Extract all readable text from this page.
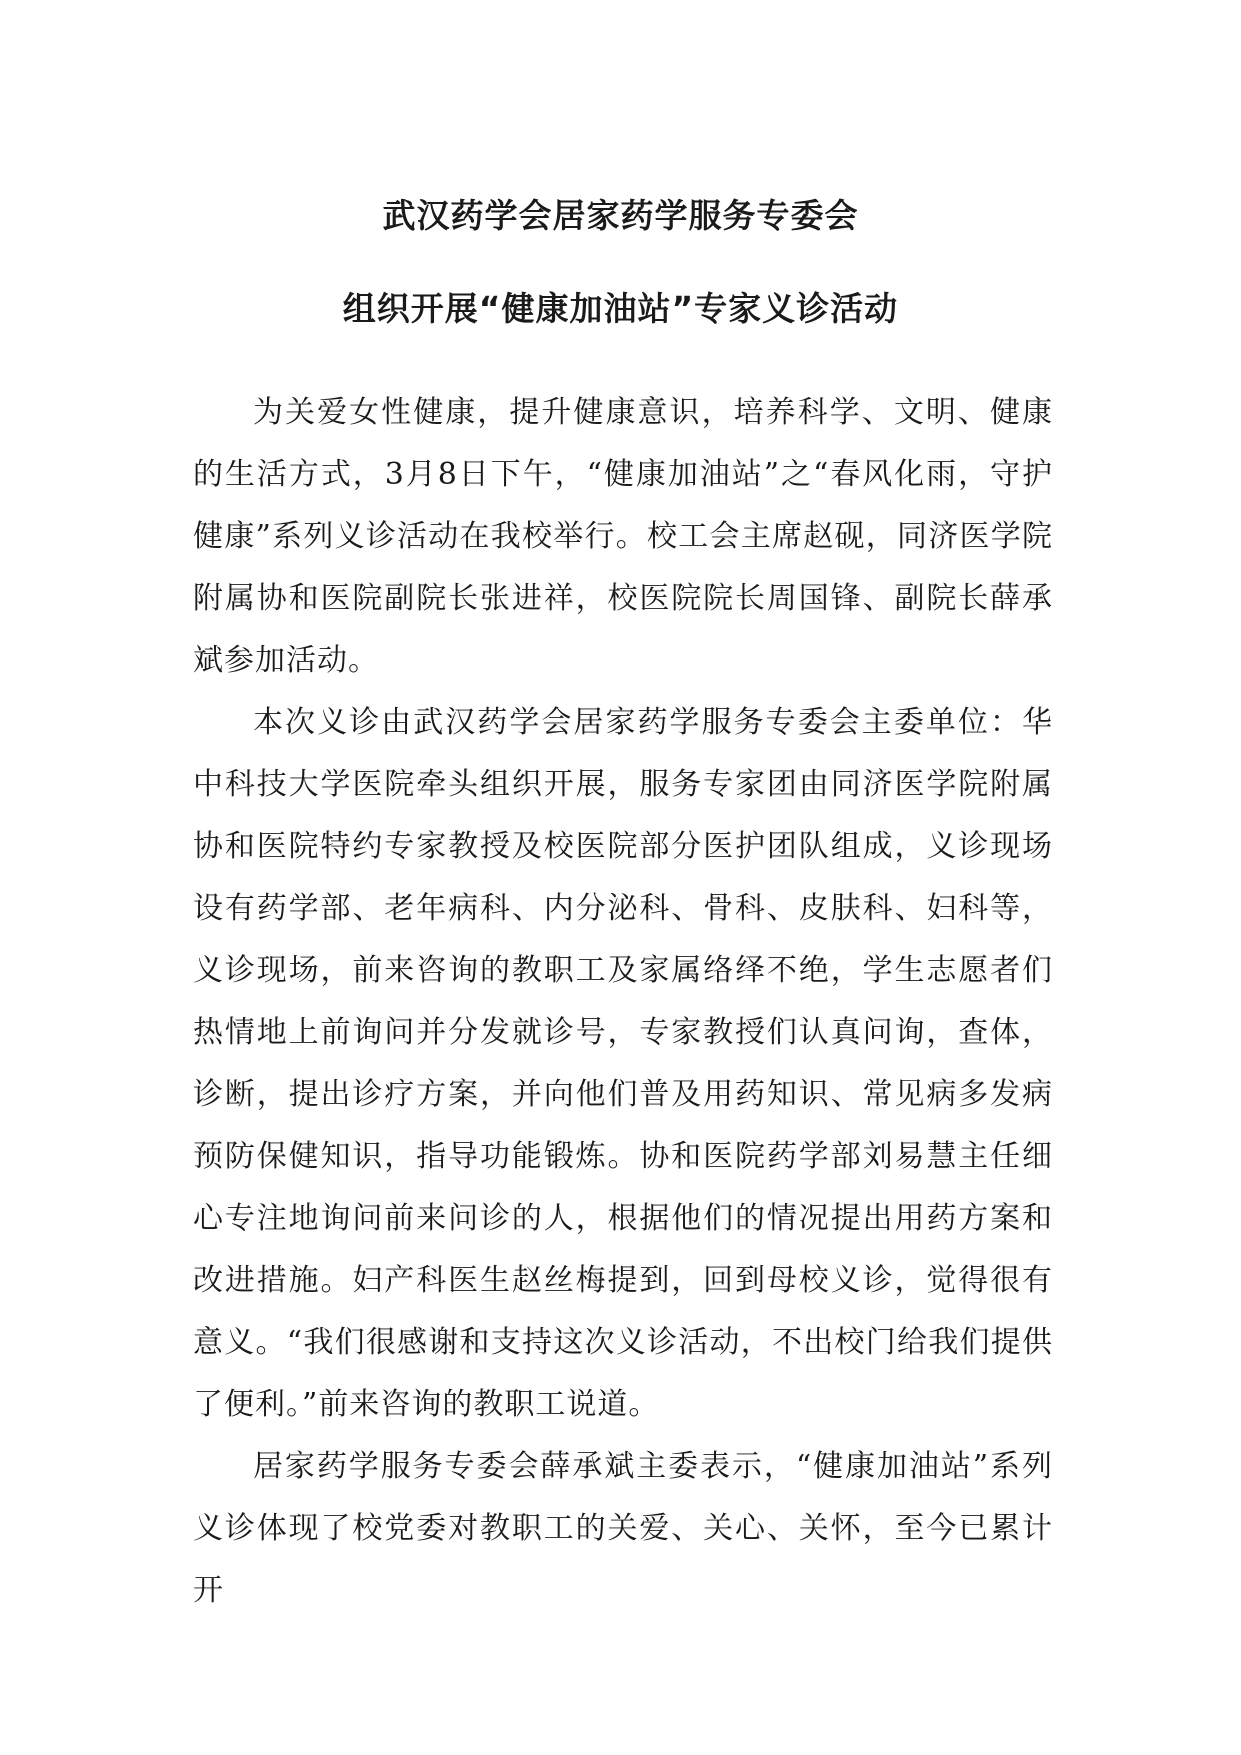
武汉药学会居家药学服务专委会
组织开展“健康加油站”专家义诊活动

为关爱女性健康，提升健康意识，培养科学、文明、健康的生活方式，3月8日下午，“健康加油站”之“春风化雨，守护健康”系列义诊活动在我校举行。校工会主席赵砚，同济医学院附属协和医院副院长张进祥，校医院院长周国锋、副院长薛承斌参加活动。

本次义诊由武汉药学会居家药学服务专委会主委单位：华中科技大学医院牵头组织开展，服务专家团由同济医学院附属协和医院特约专家教授及校医院部分医护团队组成，义诊现场设有药学部、老年病科、内分泌科、骨科、皮肤科、妇科等，义诊现场，前来咨询的教职工及家属络绎不绝，学生志愿者们热情地上前询问并分发就诊号，专家教授们认真问询，查体，诊断，提出诊疗方案，并向他们普及用药知识、常见病多发病预防保健知识，指导功能锻炼。协和医院药学部刘易慧主任细心专注地询问前来问诊的人，根据他们的情况提出用药方案和改进措施。妇产科医生赵丝梅提到，回到母校义诊，觉得很有意义。“我们很感谢和支持这次义诊活动，不出校门给我们提供了便利。”前来咨询的教职工说道。

居家药学服务专委会薛承斌主委表示，“健康加油站”系列义诊体现了校党委对教职工的关爱、关心、关怀，至今已累计开
